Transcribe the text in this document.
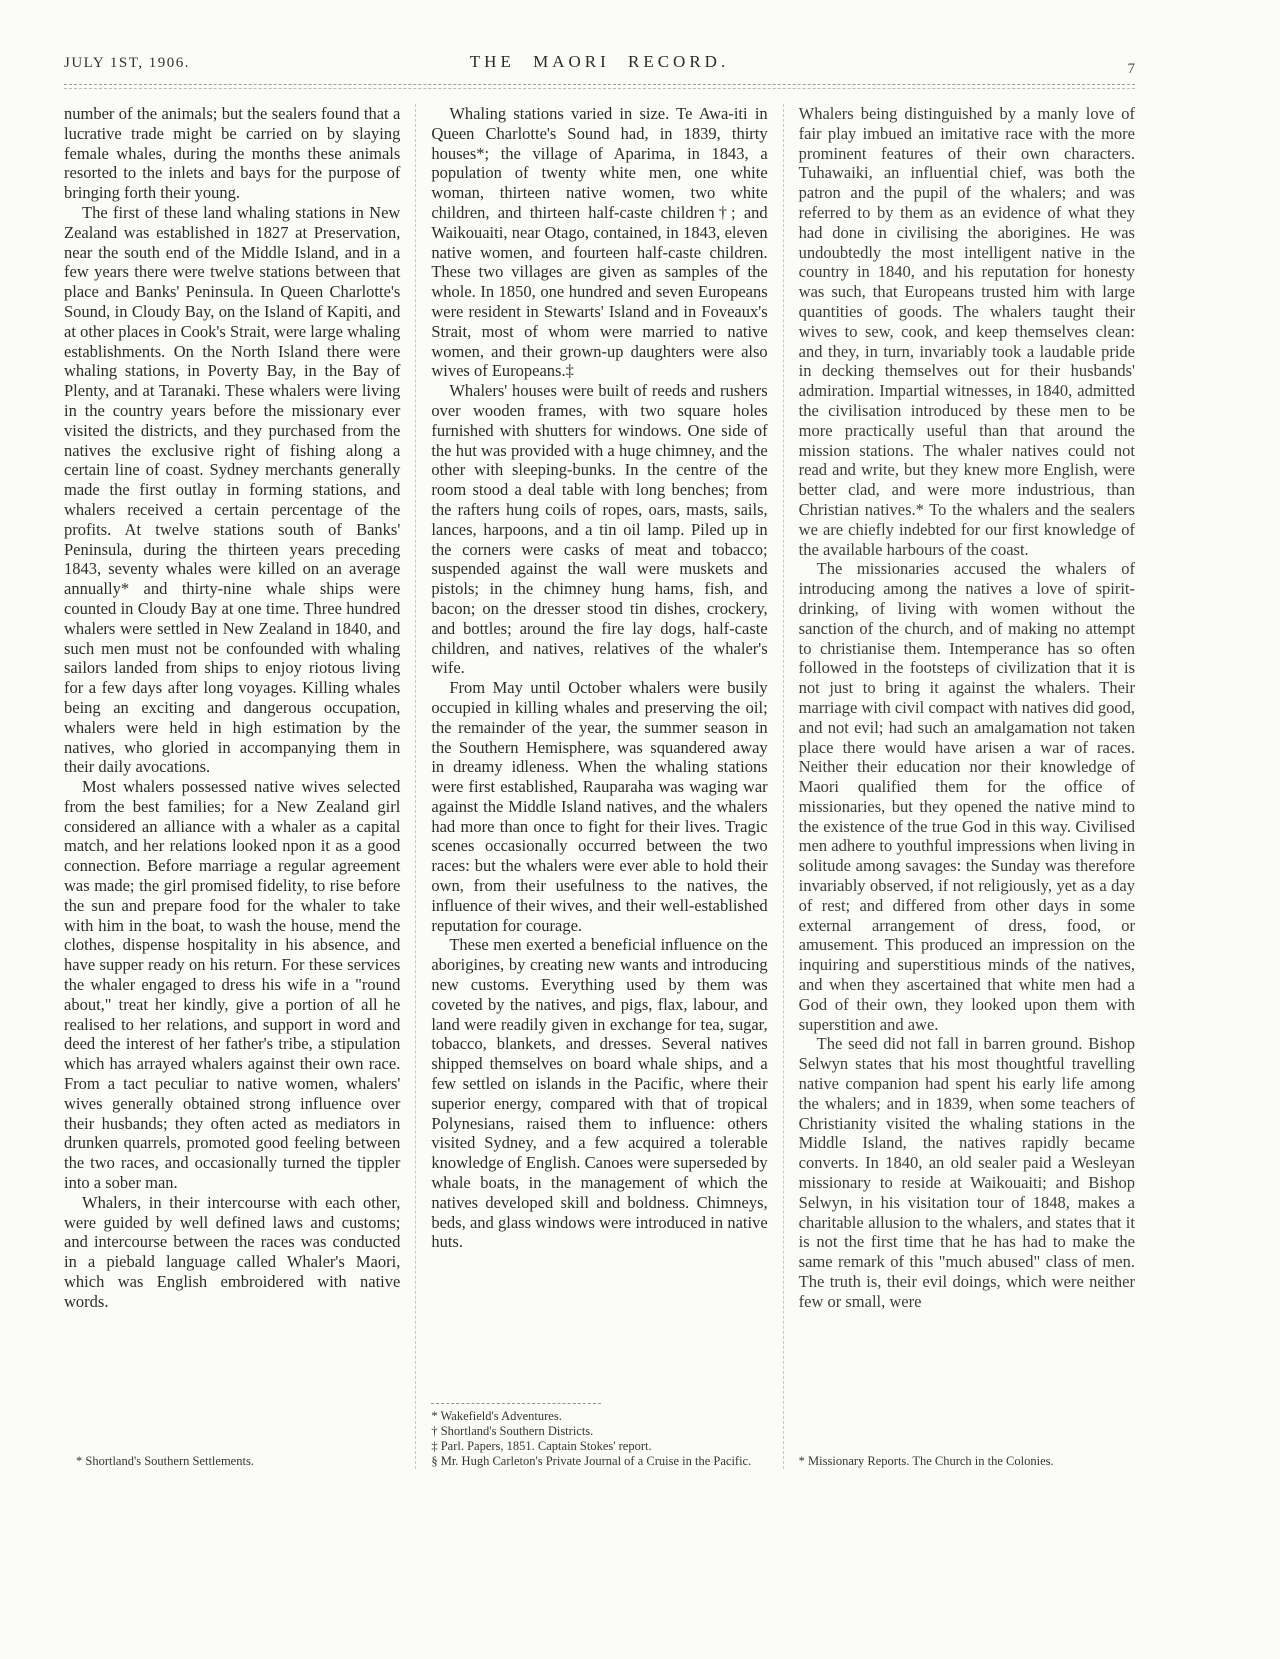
JULY 1ST, 1906.	THE MAORI RECORD.	7

number of the animals; but the sealers found that a lucrative trade might be carried on by slaying female whales, during the months these animals resorted to the inlets and bays for the purpose of bringing forth their young.

The first of these land whaling stations in New Zealand was established in 1827 at Preservation, near the south end of the Middle Island, and in a few years there were twelve stations between that place and Banks' Peninsula. In Queen Charlotte's Sound, in Cloudy Bay, on the Island of Kapiti, and at other places in Cook's Strait, were large whaling establishments. On the North Island there were whaling stations, in Poverty Bay, in the Bay of Plenty, and at Taranaki. These whalers were living in the country years before the missionary ever visited the districts, and they purchased from the natives the exclusive right of fishing along a certain line of coast. Sydney merchants generally made the first outlay in forming stations, and whalers received a certain percentage of the profits. At twelve stations south of Banks' Peninsula, during the thirteen years preceding 1843, seventy whales were killed on an average annually* and thirty-nine whale ships were counted in Cloudy Bay at one time. Three hundred whalers were settled in New Zealand in 1840, and such men must not be confounded with whaling sailors landed from ships to enjoy riotous living for a few days after long voyages. Killing whales being an exciting and dangerous occupation, whalers were held in high estimation by the natives, who gloried in accompanying them in their daily avocations.

Most whalers possessed native wives selected from the best families; for a New Zealand girl considered an alliance with a whaler as a capital match, and her relations looked npon it as a good connection. Before marriage a regular agreement was made; the girl promised fidelity, to rise before the sun and prepare food for the whaler to take with him in the boat, to wash the house, mend the clothes, dispense hospitality in his absence, and have supper ready on his return. For these services the whaler engaged to dress his wife in a "round about," treat her kindly, give a portion of all he realised to her relations, and support in word and deed the interest of her father's tribe, a stipulation which has arrayed whalers against their own race. From a tact peculiar to native women, whalers' wives generally obtained strong influence over their husbands; they often acted as mediators in drunken quarrels, promoted good feeling between the two races, and occasionally turned the tippler into a sober man.

Whalers, in their intercourse with each other, were guided by well defined laws and customs; and intercourse between the races was conducted in a piebald language called Whaler's Maori, which was English embroidered with native words.

* Shortland's Southern Settlements.

Whaling stations varied in size. Te Awa-iti in Queen Charlotte's Sound had, in 1839, thirty houses*; the village of Aparima, in 1843, a population of twenty white men, one white woman, thirteen native women, two white children, and thirteen half-caste children†; and Waikouaiti, near Otago, contained, in 1843, eleven native women, and fourteen half-caste children. These two villages are given as samples of the whole. In 1850, one hundred and seven Europeans were resident in Stewarts' Island and in Foveaux's Strait, most of whom were married to native women, and their grown-up daughters were also wives of Europeans.‡

Whalers' houses were built of reeds and rushers over wooden frames, with two square holes furnished with shutters for windows. One side of the hut was provided with a huge chimney, and the other with sleeping-bunks. In the centre of the room stood a deal table with long benches; from the rafters hung coils of ropes, oars, masts, sails, lances, harpoons, and a tin oil lamp. Piled up in the corners were casks of meat and tobacco; suspended against the wall were muskets and pistols; in the chimney hung hams, fish, and bacon; on the dresser stood tin dishes, crockery, and bottles; around the fire lay dogs, half-caste children, and natives, relatives of the whaler's wife.

From May until October whalers were busily occupied in killing whales and preserving the oil; the remainder of the year, the summer season in the Southern Hemisphere, was squandered away in dreamy idleness. When the whaling stations were first established, Rauparaha was waging war against the Middle Island natives, and the whalers had more than once to fight for their lives. Tragic scenes occasionally occurred between the two races: but the whalers were ever able to hold their own, from their usefulness to the natives, the influence of their wives, and their well-established reputation for courage.

These men exerted a beneficial influence on the aborigines, by creating new wants and introducing new customs. Everything used by them was coveted by the natives, and pigs, flax, labour, and land were readily given in exchange for tea, sugar, tobacco, blankets, and dresses. Several natives shipped themselves on board whale ships, and a few settled on islands in the Pacific, where their superior energy, compared with that of tropical Polynesians, raised them to influence: others visited Sydney, and a few acquired a tolerable knowledge of English. Canoes were superseded by whale boats, in the management of which the natives developed skill and boldness. Chimneys, beds, and glass windows were introduced in native huts.

* Wakefield's Adventures.

† Shortland's Southern Districts.

‡ Parl. Papers, 1851. Captain Stokes' report.

§ Mr. Hugh Carleton's Private Journal of a Cruise in the Pacific.

Whalers being distinguished by a manly love of fair play imbued an imitative race with the more prominent features of their own characters. Tuhawaiki, an influential chief, was both the patron and the pupil of the whalers; and was referred to by them as an evidence of what they had done in civilising the aborigines. He was undoubtedly the most intelligent native in the country in 1840, and his reputation for honesty was such, that Europeans trusted him with large quantities of goods. The whalers taught their wives to sew, cook, and keep themselves clean: and they, in turn, invariably took a laudable pride in decking themselves out for their husbands' admiration. Impartial witnesses, in 1840, admitted the civilisation introduced by these men to be more practically useful than that around the mission stations. The whaler natives could not read and write, but they knew more English, were better clad, and were more industrious, than Christian natives.* To the whalers and the sealers we are chiefly indebted for our first knowledge of the available harbours of the coast.

The missionaries accused the whalers of introducing among the natives a love of spirit-drinking, of living with women without the sanction of the church, and of making no attempt to christianise them. Intemperance has so often followed in the footsteps of civilization that it is not just to bring it against the whalers. Their marriage with civil compact with natives did good, and not evil; had such an amalgamation not taken place there would have arisen a war of races. Neither their education nor their knowledge of Maori qualified them for the office of missionaries, but they opened the native mind to the existence of the true God in this way. Civilised men adhere to youthful impressions when living in solitude among savages: the Sunday was therefore invariably observed, if not religiously, yet as a day of rest; and differed from other days in some external arrangement of dress, food, or amusement. This produced an impression on the inquiring and superstitious minds of the natives, and when they ascertained that white men had a God of their own, they looked upon them with superstition and awe.

The seed did not fall in barren ground. Bishop Selwyn states that his most thoughtful travelling native companion had spent his early life among the whalers; and in 1839, when some teachers of Christianity visited the whaling stations in the Middle Island, the natives rapidly became converts. In 1840, an old sealer paid a Wesleyan missionary to reside at Waikouaiti; and Bishop Selwyn, in his visitation tour of 1848, makes a charitable allusion to the whalers, and states that it is not the first time that he has had to make the same remark of this "much abused" class of men. The truth is, their evil doings, which were neither few or small, were

* Missionary Reports. The Church in the Colonies.
